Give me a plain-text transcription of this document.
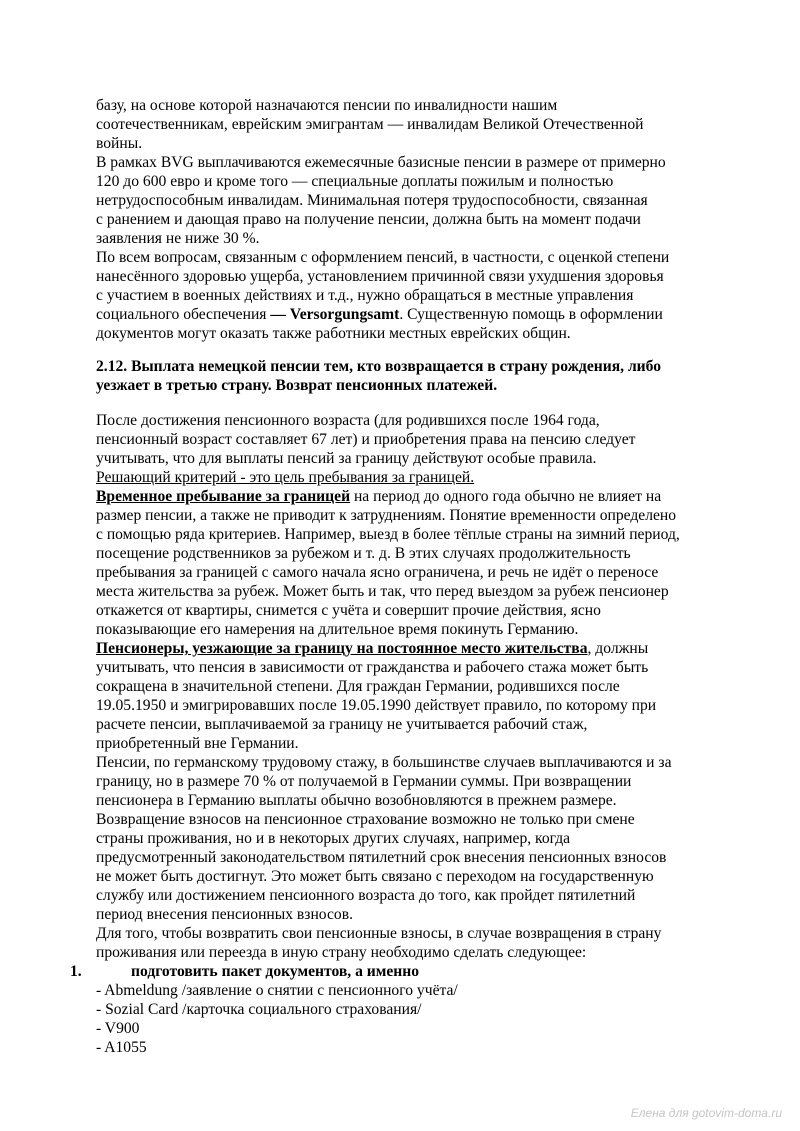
базу, на основе которой назначаются пенсии по инвалидности нашим
соотечественникам, еврейским эмигрантам — инвалидам Великой Отечественной
войны.
В рамках BVG выплачиваются ежемесячные базисные пенсии в размере от примерно
120 до 600 евро и кроме того — специальные доплаты пожилым и полностью
нетрудоспособным инвалидам. Минимальная потеря трудоспособности, связанная
с ранением и дающая право на получение пенсии, должна быть на момент подачи
заявления не ниже 30 %.
По всем вопросам, связанным с оформлением пенсий, в частности, с оценкой степени
нанесённого здоровью ущерба, установлением причинной связи ухудшения здоровья
с участием в военных действиях и т.д., нужно обращаться в местные управления
социального обеспечения — Versorgungsamt. Существенную помощь в оформлении
документов могут оказать также работники местных еврейских общин.
2.12. Выплата немецкой пенсии тем, кто возвращается в страну рождения, либо
уезжает в третью страну. Возврат пенсионных платежей.
После достижения пенсионного возраста (для родившихся после 1964 года,
пенсионный возраст составляет 67 лет) и приобретения права на пенсию следует
учитывать, что для выплаты пенсий за границу действуют особые правила.
Решающий критерий - это цель пребывания за границей.
Временное пребывание за границей на период до одного года обычно не влияет на
размер пенсии, а также не приводит к затруднениям. Понятие временности определено
с помощью ряда критериев. Например, выезд в более тёплые страны на зимний период,
посещение родственников за рубежом и т. д. В этих случаях продолжительность
пребывания за границей с самого начала ясно ограничена, и речь не идёт о переносе
места жительства за рубеж. Может быть и так, что перед выездом за рубеж пенсионер
откажется от квартиры, снимется с учёта и совершит прочие действия, ясно
показывающие его намерения на длительное время покинуть Германию.
Пенсионеры, уезжающие за границу на постоянное место жительства, должны
учитывать, что пенсия в зависимости от гражданства и рабочего стажа может быть
сокращена в значительной степени. Для граждан Германии, родившихся после
19.05.1950 и эмигрировавших после 19.05.1990 действует правило, по которому при
расчете пенсии, выплачиваемой за границу не учитывается рабочий стаж,
приобретенный вне Германии.
Пенсии, по германскому трудовому стажу, в большинстве случаев выплачиваются и за
границу, но в размере 70 % от получаемой в Германии суммы. При возвращении
пенсионера в Германию выплаты обычно возобновляются в прежнем размере.
Возвращение взносов на пенсионное страхование возможно не только при смене
страны проживания, но и в некоторых других случаях, например, когда
предусмотренный законодательством пятилетний срок внесения пенсионных взносов
не может быть достигнут. Это может быть связано с переходом на государственную
службу или достижением пенсионного возраста до того, как пройдет пятилетний
период внесения пенсионных взносов.
Для того, чтобы возвратить свои пенсионные взносы, в случае возвращения в страну
проживания или переезда в иную страну необходимо сделать следующее:
1.	подготовить пакет документов, а именно
- Abmeldung /заявление о снятии с пенсионного учёта/
- Sozial Card /карточка социального страхования/
- V900
- A1055
Елена для gotovim-doma.ru
